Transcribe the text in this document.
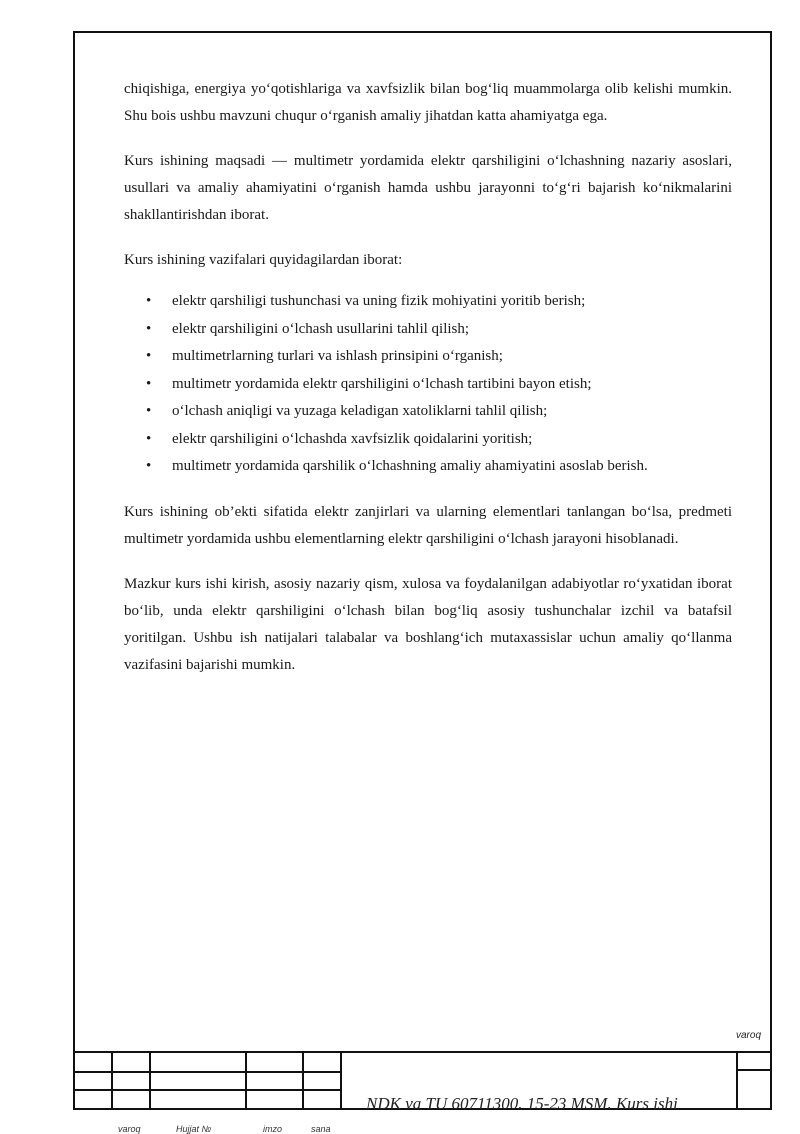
chiqishiga, energiya yo‘qotishlariga va xavfsizlik bilan bog‘liq muammolarga olib kelishi mumkin. Shu bois ushbu mavzuni chuqur o‘rganish amaliy jihatdan katta ahamiyatga ega.

Kurs ishining maqsadi — multimetr yordamida elektr qarshiligini o‘lchashning nazariy asoslari, usullari va amaliy ahamiyatini o‘rganish hamda ushbu jarayonni to‘g‘ri bajarish ko‘nikmalarini shakllantirishdan iborat.

Kurs ishining vazifalari quyidagilardan iborat:

• elektr qarshiligi tushunchasi va uning fizik mohiyatini yoritib berish;
• elektr qarshiligini o‘lchash usullarini tahlil qilish;
• multimetrlarning turlari va ishlash prinsipini o‘rganish;
• multimetr yordamida elektr qarshiligini o‘lchash tartibini bayon etish;
• o‘lchash aniqligi va yuzaga keladigan xatoliklarni tahlil qilish;
• elektr qarshiligini o‘lchashda xavfsizlik qoidalarini yoritish;
• multimetr yordamida qarshilik o‘lchashning amaliy ahamiyatini asoslab berish.

Kurs ishining ob’ekti sifatida elektr zanjirlari va ularning elementlari tanlangan bo‘lsa, predmeti multimetr yordamida ushbu elementlarning elektr qarshiligini o‘lchash jarayoni hisoblanadi.

Mazkur kurs ishi kirish, asosiy nazariy qism, xulosa va foydalanilgan adabiyotlar ro‘yxatidan iborat bo‘lib, unda elektr qarshiligini o‘lchash bilan bog‘liq asosiy tushunchalar izchil va batafsil yoritilgan. Ushbu ish natijalari talabalar va boshlang‘ich mutaxassislar uchun amaliy qo‘llanma vazifasini bajarishi mumkin.

varoq
NDK va TU 60711300. 15-23 MSM. Kurs ishi
varoq	Hujjat №	imzo	sana
